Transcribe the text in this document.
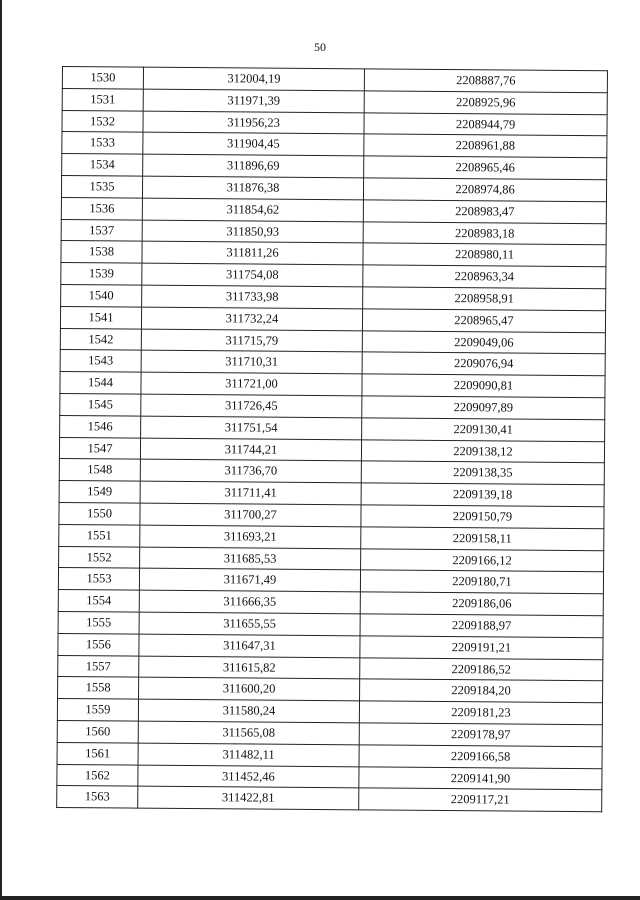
50
1530	312004,19	2208887,76
1531	311971,39	2208925,96
1532	311956,23	2208944,79
1533	311904,45	2208961,88
1534	311896,69	2208965,46
1535	311876,38	2208974,86
1536	311854,62	2208983,47
1537	311850,93	2208983,18
1538	311811,26	2208980,11
1539	311754,08	2208963,34
1540	311733,98	2208958,91
1541	311732,24	2208965,47
1542	311715,79	2209049,06
1543	311710,31	2209076,94
1544	311721,00	2209090,81
1545	311726,45	2209097,89
1546	311751,54	2209130,41
1547	311744,21	2209138,12
1548	311736,70	2209138,35
1549	311711,41	2209139,18
1550	311700,27	2209150,79
1551	311693,21	2209158,11
1552	311685,53	2209166,12
1553	311671,49	2209180,71
1554	311666,35	2209186,06
1555	311655,55	2209188,97
1556	311647,31	2209191,21
1557	311615,82	2209186,52
1558	311600,20	2209184,20
1559	311580,24	2209181,23
1560	311565,08	2209178,97
1561	311482,11	2209166,58
1562	311452,46	2209141,90
1563	311422,81	2209117,21
